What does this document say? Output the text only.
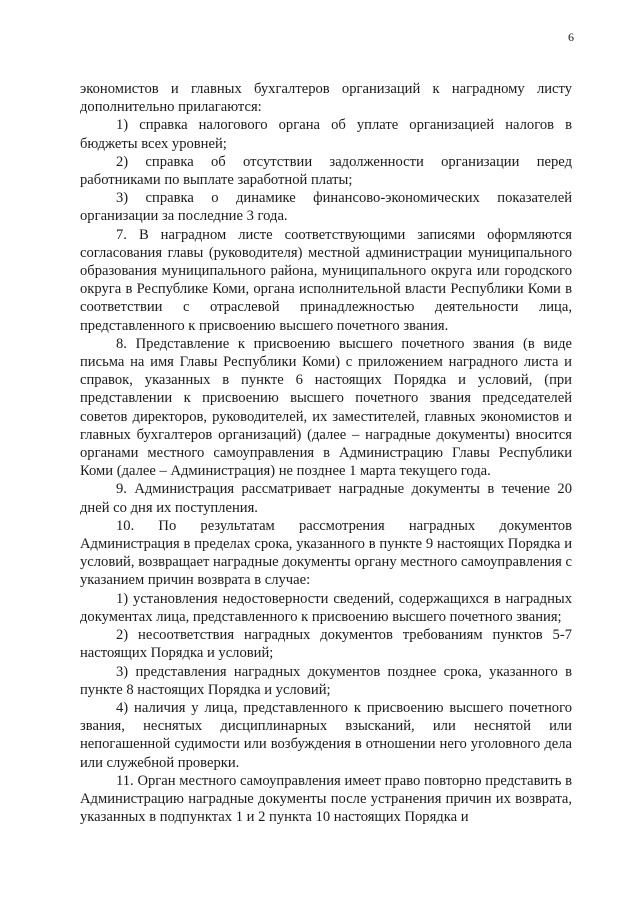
6

экономистов и главных бухгалтеров организаций к наградному листу дополнительно прилагаются:

1) справка налогового органа об уплате организацией налогов в бюджеты всех уровней;

2) справка об отсутствии задолженности организации перед работниками по выплате заработной платы;

3) справка о динамике финансово-экономических показателей организации за последние 3 года.

7. В наградном листе соответствующими записями оформляются согласования главы (руководителя) местной администрации муниципального образования муниципального района, муниципального округа или городского округа в Республике Коми, органа исполнительной власти Республики Коми в соответствии с отраслевой принадлежностью деятельности лица, представленного к присвоению высшего почетного звания.

8. Представление к присвоению высшего почетного звания (в виде письма на имя Главы Республики Коми) с приложением наградного листа и справок, указанных в пункте 6 настоящих Порядка и условий, (при представлении к присвоению высшего почетного звания председателей советов директоров, руководителей, их заместителей, главных экономистов и главных бухгалтеров организаций) (далее – наградные документы) вносится органами местного самоуправления в Администрацию Главы Республики Коми (далее – Администрация) не позднее 1 марта текущего года.

9. Администрация рассматривает наградные документы в течение 20 дней со дня их поступления.

10. По результатам рассмотрения наградных документов Администрация в пределах срока, указанного в пункте 9 настоящих Порядка и условий, возвращает наградные документы органу местного самоуправления с указанием причин возврата в случае:

1) установления недостоверности сведений, содержащихся в наградных документах лица, представленного к присвоению высшего почетного звания;

2) несоответствия наградных документов требованиям пунктов 5-7 настоящих Порядка и условий;

3) представления наградных документов позднее срока, указанного в пункте 8 настоящих Порядка и условий;

4) наличия у лица, представленного к присвоению высшего почетного звания, неснятых дисциплинарных взысканий, или неснятой или непогашенной судимости или возбуждения в отношении него уголовного дела или служебной проверки.

11. Орган местного самоуправления имеет право повторно представить в Администрацию наградные документы после устранения причин их возврата, указанных в подпунктах 1 и 2 пункта 10 настоящих Порядка и
